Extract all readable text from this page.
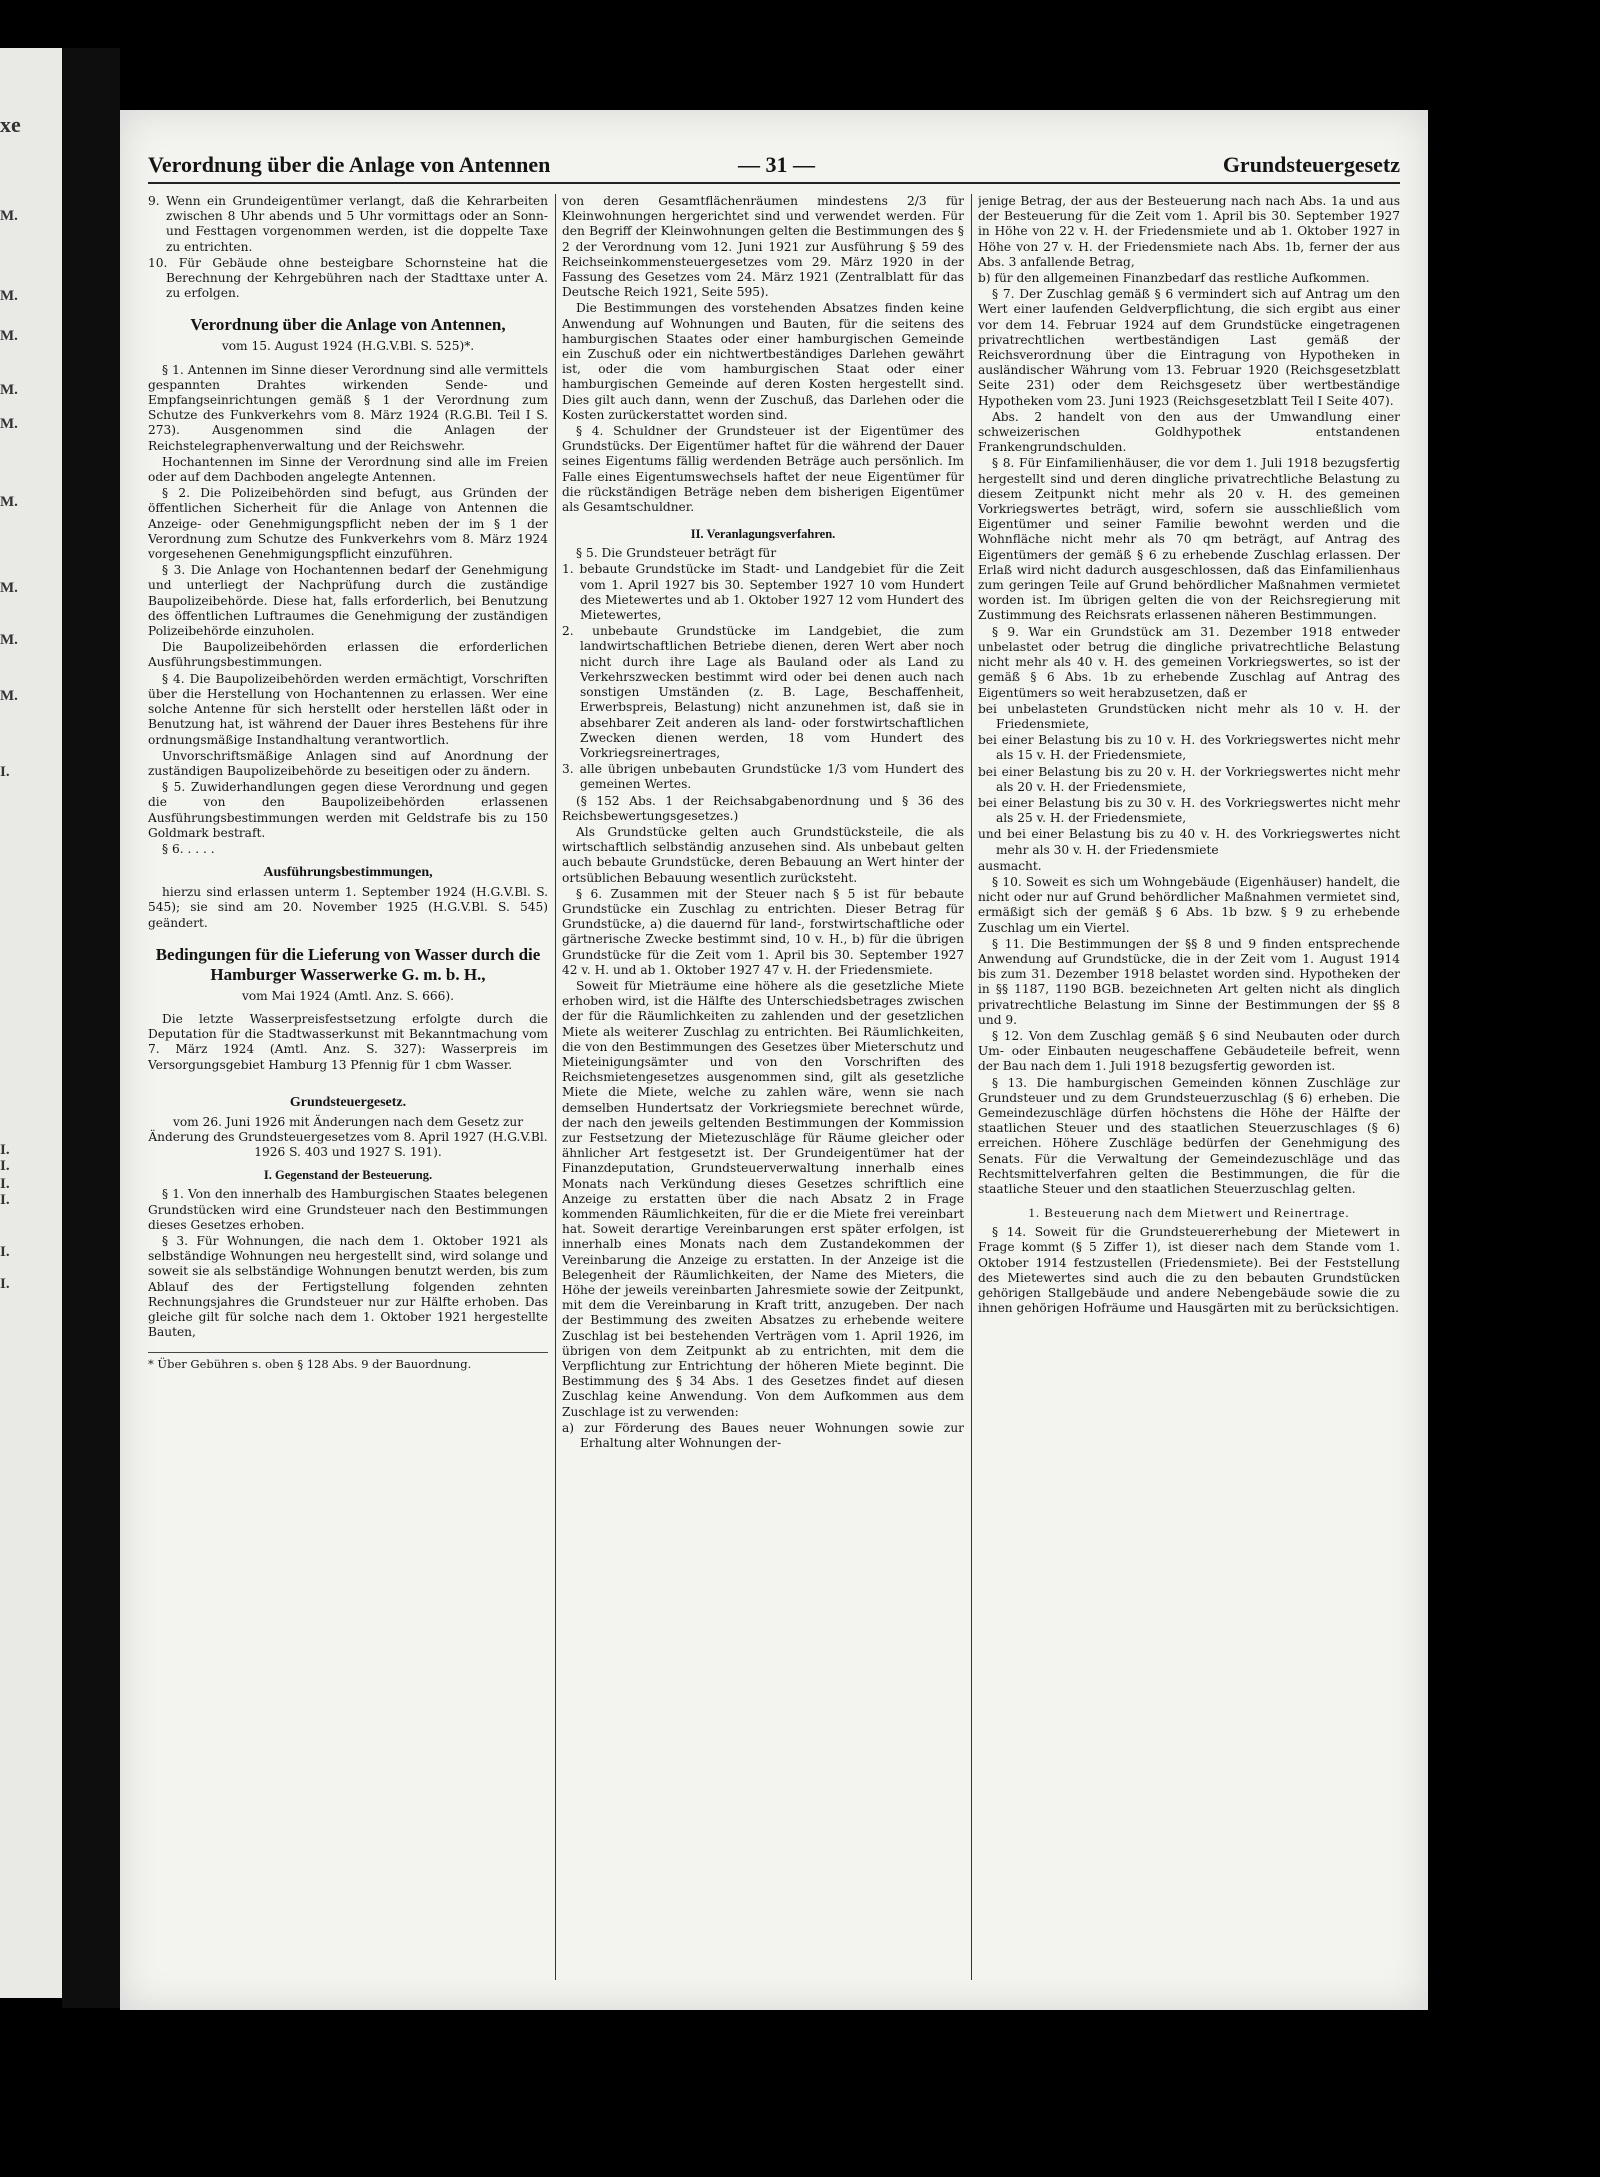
xe
M.
M.
M.
M.
M.
M.
M.
M.
M.
I.
I.
I.
I.
I.
I.
I.
Verordnung über die Anlage von Antennen	— 31 —	Grundsteuergesetz

9. Wenn ein Grundeigentümer verlangt, daß die Kehrarbeiten zwischen 8 Uhr abends und 5 Uhr vormittags oder an Sonn- und Festtagen vorgenommen werden, ist die doppelte Taxe zu entrichten.

10. Für Gebäude ohne besteigbare Schornsteine hat die Berechnung der Kehrgebühren nach der Stadttaxe unter A. zu erfolgen.

Verordnung über die Anlage von Antennen,

vom 15. August 1924 (H.G.V.Bl. S. 525)*.

§ 1. Antennen im Sinne dieser Verordnung sind alle vermittels gespannten Drahtes wirkenden Sende- und Empfangseinrichtungen gemäß § 1 der Verordnung zum Schutze des Funkverkehrs vom 8. März 1924 (R.G.Bl. Teil I S. 273). Ausgenommen sind die Anlagen der Reichstelegraphenverwaltung und der Reichswehr.

Hochantennen im Sinne der Verordnung sind alle im Freien oder auf dem Dachboden angelegte Antennen.

§ 2. Die Polizeibehörden sind befugt, aus Gründen der öffentlichen Sicherheit für die Anlage von Antennen die Anzeige- oder Genehmigungspflicht neben der im § 1 der Verordnung zum Schutze des Funkverkehrs vom 8. März 1924 vorgesehenen Genehmigungspflicht einzuführen.

§ 3. Die Anlage von Hochantennen bedarf der Genehmigung und unterliegt der Nachprüfung durch die zuständige Baupolizeibehörde. Diese hat, falls erforderlich, bei Benutzung des öffentlichen Luftraumes die Genehmigung der zuständigen Polizeibehörde einzuholen.

Die Baupolizeibehörden erlassen die erforderlichen Ausführungsbestimmungen.

§ 4. Die Baupolizeibehörden werden ermächtigt, Vorschriften über die Herstellung von Hochantennen zu erlassen. Wer eine solche Antenne für sich herstellt oder herstellen läßt oder in Benutzung hat, ist während der Dauer ihres Bestehens für ihre ordnungsmäßige Instandhaltung verantwortlich.

Unvorschriftsmäßige Anlagen sind auf Anordnung der zuständigen Baupolizeibehörde zu beseitigen oder zu ändern.

§ 5. Zuwiderhandlungen gegen diese Verordnung und gegen die von den Baupolizeibehörden erlassenen Ausführungsbestimmungen werden mit Geldstrafe bis zu 150 Goldmark bestraft.

§ 6. . . . .

Ausführungsbestimmungen,

hierzu sind erlassen unterm 1. September 1924 (H.G.V.Bl. S. 545); sie sind am 20. November 1925 (H.G.V.Bl. S. 545) geändert.

Bedingungen für die Lieferung von Wasser durch die Hamburger Wasserwerke G. m. b. H.,

vom Mai 1924 (Amtl. Anz. S. 666).

Die letzte Wasserpreisfestsetzung erfolgte durch die Deputation für die Stadtwasserkunst mit Bekanntmachung vom 7. März 1924 (Amtl. Anz. S. 327): Wasserpreis im Versorgungsgebiet Hamburg 13 Pfennig für 1 cbm Wasser.

Grundsteuergesetz.

vom 26. Juni 1926 mit Änderungen nach dem Gesetz zur Änderung des Grundsteuergesetzes vom 8. April 1927 (H.G.V.Bl. 1926 S. 403 und 1927 S. 191).

I. Gegenstand der Besteuerung.

§ 1. Von den innerhalb des Hamburgischen Staates belegenen Grundstücken wird eine Grundsteuer nach den Bestimmungen dieses Gesetzes erhoben.

§ 3. Für Wohnungen, die nach dem 1. Oktober 1921 als selbständige Wohnungen neu hergestellt sind, wird solange und soweit sie als selbständige Wohnungen benutzt werden, bis zum Ablauf des der Fertigstellung folgenden zehnten Rechnungsjahres die Grundsteuer nur zur Hälfte erhoben. Das gleiche gilt für solche nach dem 1. Oktober 1921 hergestellte Bauten,

* Über Gebühren s. oben § 128 Abs. 9 der Bauordnung.

von deren Gesamtflächenräumen mindestens 2/3 für Kleinwohnungen hergerichtet sind und verwendet werden. Für den Begriff der Kleinwohnungen gelten die Bestimmungen des § 2 der Verordnung vom 12. Juni 1921 zur Ausführung § 59 des Reichseinkommensteuergesetzes vom 29. März 1920 in der Fassung des Gesetzes vom 24. März 1921 (Zentralblatt für das Deutsche Reich 1921, Seite 595).

Die Bestimmungen des vorstehenden Absatzes finden keine Anwendung auf Wohnungen und Bauten, für die seitens des hamburgischen Staates oder einer hamburgischen Gemeinde ein Zuschuß oder ein nichtwertbeständiges Darlehen gewährt ist, oder die vom hamburgischen Staat oder einer hamburgischen Gemeinde auf deren Kosten hergestellt sind. Dies gilt auch dann, wenn der Zuschuß, das Darlehen oder die Kosten zurückerstattet worden sind.

§ 4. Schuldner der Grundsteuer ist der Eigentümer des Grundstücks. Der Eigentümer haftet für die während der Dauer seines Eigentums fällig werdenden Beträge auch persönlich. Im Falle eines Eigentumswechsels haftet der neue Eigentümer für die rückständigen Beträge neben dem bisherigen Eigentümer als Gesamtschuldner.

II. Veranlagungsverfahren.

§ 5. Die Grundsteuer beträgt für

1. bebaute Grundstücke im Stadt- und Landgebiet für die Zeit vom 1. April 1927 bis 30. September 1927 10 vom Hundert des Mietewertes und ab 1. Oktober 1927 12 vom Hundert des Mietewertes,

2. unbebaute Grundstücke im Landgebiet, die zum landwirtschaftlichen Betriebe dienen, deren Wert aber noch nicht durch ihre Lage als Bauland oder als Land zu Verkehrszwecken bestimmt wird oder bei denen auch nach sonstigen Umständen (z. B. Lage, Beschaffenheit, Erwerbspreis, Belastung) nicht anzunehmen ist, daß sie in absehbarer Zeit anderen als land- oder forstwirtschaftlichen Zwecken dienen werden, 18 vom Hundert des Vorkriegsreinertrages,

3. alle übrigen unbebauten Grundstücke 1/3 vom Hundert des gemeinen Wertes.

(§ 152 Abs. 1 der Reichsabgabenordnung und § 36 des Reichsbewertungsgesetzes.)

Als Grundstücke gelten auch Grundstücksteile, die als wirtschaftlich selbständig anzusehen sind. Als unbebaut gelten auch bebaute Grundstücke, deren Bebauung an Wert hinter der ortsüblichen Bebauung wesentlich zurücksteht.

§ 6. Zusammen mit der Steuer nach § 5 ist für bebaute Grundstücke ein Zuschlag zu entrichten. Dieser Betrag für Grundstücke, a) die dauernd für land-, forstwirtschaftliche oder gärtnerische Zwecke bestimmt sind, 10 v. H., b) für die übrigen Grundstücke für die Zeit vom 1. April bis 30. September 1927 42 v. H. und ab 1. Oktober 1927 47 v. H. der Friedensmiete.

Soweit für Mieträume eine höhere als die gesetzliche Miete erhoben wird, ist die Hälfte des Unterschiedsbetrages zwischen der für die Räumlichkeiten zu zahlenden und der gesetzlichen Miete als weiterer Zuschlag zu entrichten. Bei Räumlichkeiten, die von den Bestimmungen des Gesetzes über Mieterschutz und Mieteinigungsämter und von den Vorschriften des Reichsmietengesetzes ausgenommen sind, gilt als gesetzliche Miete die Miete, welche zu zahlen wäre, wenn sie nach demselben Hundertsatz der Vorkriegsmiete berechnet würde, der nach den jeweils geltenden Bestimmungen der Kommission zur Festsetzung der Mietezuschläge für Räume gleicher oder ähnlicher Art festgesetzt ist. Der Grundeigentümer hat der Finanzdeputation, Grundsteuerverwaltung innerhalb eines Monats nach Verkündung dieses Gesetzes schriftlich eine Anzeige zu erstatten über die nach Absatz 2 in Frage kommenden Räumlichkeiten, für die er die Miete frei vereinbart hat. Soweit derartige Vereinbarungen erst später erfolgen, ist innerhalb eines Monats nach dem Zustandekommen der Vereinbarung die Anzeige zu erstatten. In der Anzeige ist die Belegenheit der Räumlichkeiten, der Name des Mieters, die Höhe der jeweils vereinbarten Jahresmiete sowie der Zeitpunkt, mit dem die Vereinbarung in Kraft tritt, anzugeben. Der nach der Bestimmung des zweiten Absatzes zu erhebende weitere Zuschlag ist bei bestehenden Verträgen vom 1. April 1926, im übrigen von dem Zeitpunkt ab zu entrichten, mit dem die Verpflichtung zur Entrichtung der höheren Miete beginnt. Die Bestimmung des § 34 Abs. 1 des Gesetzes findet auf diesen Zuschlag keine Anwendung. Von dem Aufkommen aus dem Zuschlage ist zu verwenden:

a) zur Förderung des Baues neuer Wohnungen sowie zur Erhaltung alter Wohnungen der-

jenige Betrag, der aus der Besteuerung nach nach Abs. 1a und aus der Besteuerung für die Zeit vom 1. April bis 30. September 1927 in Höhe von 22 v. H. der Friedensmiete und ab 1. Oktober 1927 in Höhe von 27 v. H. der Friedensmiete nach Abs. 1b, ferner der aus Abs. 3 anfallende Betrag,

b) für den allgemeinen Finanzbedarf das restliche Aufkommen.

§ 7. Der Zuschlag gemäß § 6 vermindert sich auf Antrag um den Wert einer laufenden Geldverpflichtung, die sich ergibt aus einer vor dem 14. Februar 1924 auf dem Grundstücke eingetragenen privatrechtlichen wertbeständigen Last gemäß der Reichsverordnung über die Eintragung von Hypotheken in ausländischer Währung vom 13. Februar 1920 (Reichsgesetzblatt Seite 231) oder dem Reichsgesetz über wertbeständige Hypotheken vom 23. Juni 1923 (Reichsgesetzblatt Teil I Seite 407).

Abs. 2 handelt von den aus der Umwandlung einer schweizerischen Goldhypothek entstandenen Frankengrundschulden.

§ 8. Für Einfamilienhäuser, die vor dem 1. Juli 1918 bezugsfertig hergestellt sind und deren dingliche privatrechtliche Belastung zu diesem Zeitpunkt nicht mehr als 20 v. H. des gemeinen Vorkriegswertes beträgt, wird, sofern sie ausschließlich vom Eigentümer und seiner Familie bewohnt werden und die Wohnfläche nicht mehr als 70 qm beträgt, auf Antrag des Eigentümers der gemäß § 6 zu erhebende Zuschlag erlassen. Der Erlaß wird nicht dadurch ausgeschlossen, daß das Einfamilienhaus zum geringen Teile auf Grund behördlicher Maßnahmen vermietet worden ist. Im übrigen gelten die von der Reichsregierung mit Zustimmung des Reichsrats erlassenen näheren Bestimmungen.

§ 9. War ein Grundstück am 31. Dezember 1918 entweder unbelastet oder betrug die dingliche privatrechtliche Belastung nicht mehr als 40 v. H. des gemeinen Vorkriegswertes, so ist der gemäß § 6 Abs. 1b zu erhebende Zuschlag auf Antrag des Eigentümers so weit herabzusetzen, daß er

bei unbelasteten Grundstücken nicht mehr als 10 v. H. der Friedensmiete,

bei einer Belastung bis zu 10 v. H. des Vorkriegswertes nicht mehr als 15 v. H. der Friedensmiete,

bei einer Belastung bis zu 20 v. H. der Vorkriegswertes nicht mehr als 20 v. H. der Friedensmiete,

bei einer Belastung bis zu 30 v. H. des Vorkriegswertes nicht mehr als 25 v. H. der Friedensmiete,

und bei einer Belastung bis zu 40 v. H. des Vorkriegswertes nicht mehr als 30 v. H. der Friedensmiete

ausmacht.

§ 10. Soweit es sich um Wohngebäude (Eigenhäuser) handelt, die nicht oder nur auf Grund behördlicher Maßnahmen vermietet sind, ermäßigt sich der gemäß § 6 Abs. 1b bzw. § 9 zu erhebende Zuschlag um ein Viertel.

§ 11. Die Bestimmungen der §§ 8 und 9 finden entsprechende Anwendung auf Grundstücke, die in der Zeit vom 1. August 1914 bis zum 31. Dezember 1918 belastet worden sind. Hypotheken der in §§ 1187, 1190 BGB. bezeichneten Art gelten nicht als dinglich privatrechtliche Belastung im Sinne der Bestimmungen der §§ 8 und 9.

§ 12. Von dem Zuschlag gemäß § 6 sind Neubauten oder durch Um- oder Einbauten neugeschaffene Gebäudeteile befreit, wenn der Bau nach dem 1. Juli 1918 bezugsfertig geworden ist.

§ 13. Die hamburgischen Gemeinden können Zuschläge zur Grundsteuer und zu dem Grundsteuerzuschlag (§ 6) erheben. Die Gemeindezuschläge dürfen höchstens die Höhe der Hälfte der staatlichen Steuer und des staatlichen Steuerzuschlages (§ 6) erreichen. Höhere Zuschläge bedürfen der Genehmigung des Senats. Für die Verwaltung der Gemeindezuschläge und das Rechtsmittelverfahren gelten die Bestimmungen, die für die staatliche Steuer und den staatlichen Steuerzuschlag gelten.

1. Besteuerung nach dem Mietwert und Reinertrage.

§ 14. Soweit für die Grundsteuererhebung der Mietewert in Frage kommt (§ 5 Ziffer 1), ist dieser nach dem Stande vom 1. Oktober 1914 festzustellen (Friedensmiete). Bei der Feststellung des Mietewertes sind auch die zu den bebauten Grundstücken gehörigen Stallgebäude und andere Nebengebäude sowie die zu ihnen gehörigen Hofräume und Hausgärten mit zu berücksichtigen.
